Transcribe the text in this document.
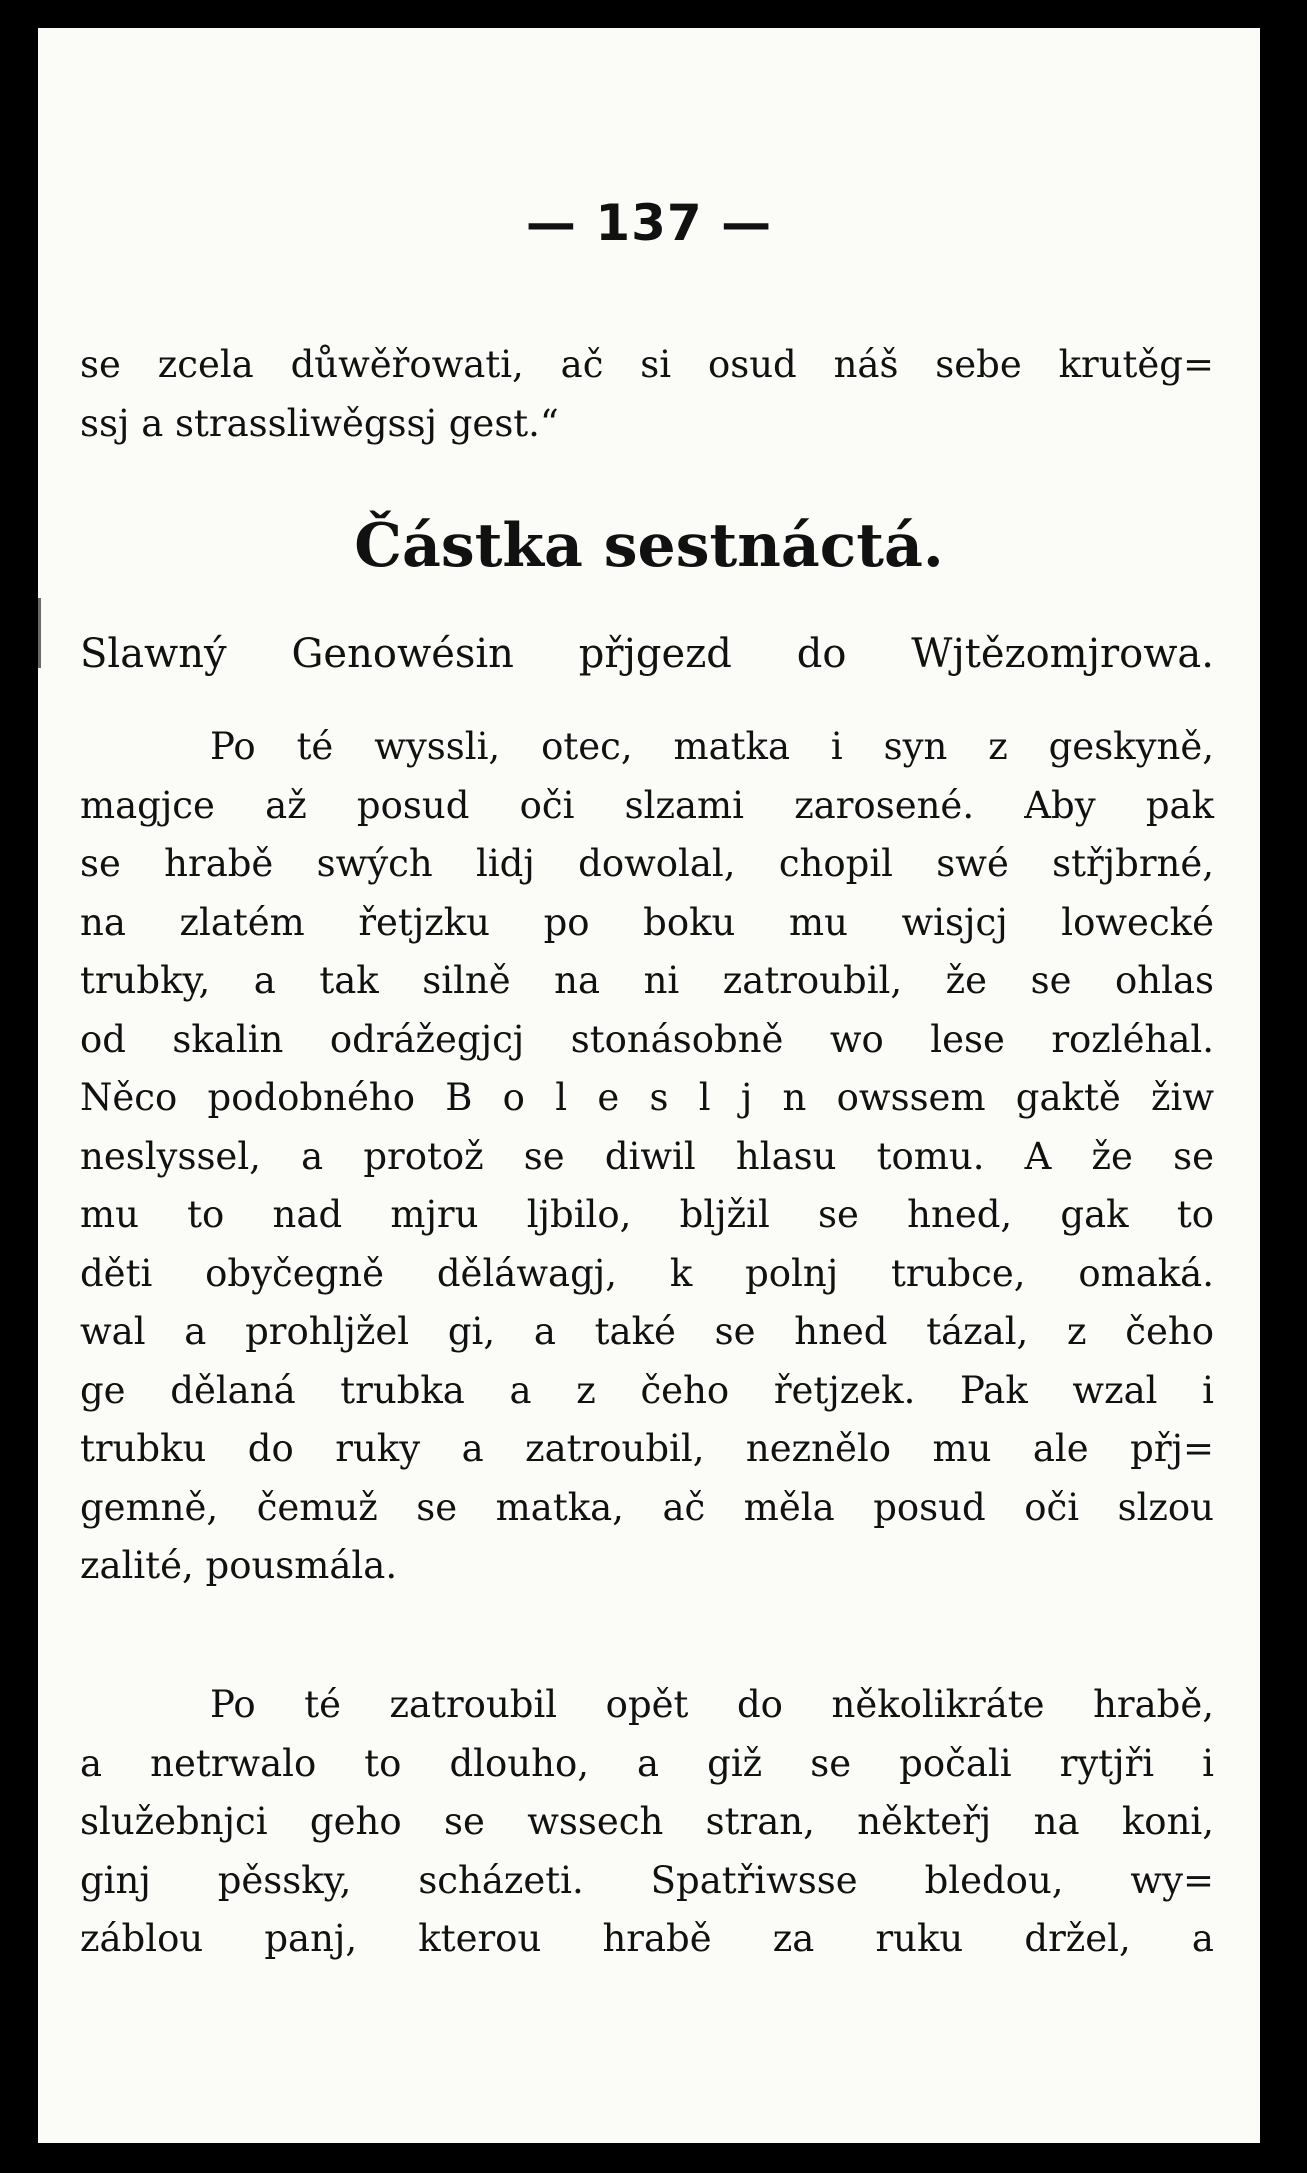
— 137 —

se zcela důwěřowati, ač si osud náš sebe krutěg=
ssj a strassliwěgssj gest.“

Částka sestnáctá.

Slawný Genowésin přjgezd do Wjtězomjrowa.

Po té wyssli, otec, matka i syn z geskyně,
magjce až posud oči slzami zarosené. Aby pak
se hrabě swých lidj dowolal, chopil swé střjbrné,
na zlatém řetjzku po boku mu wisjcj lowecké
trubky, a tak silně na ni zatroubil, že se ohlas
od skalin odrážegjcj stonásobně wo lese rozléhal.
Něco podobného B o l e s l j n owssem gaktě žiw
neslyssel, a protož se diwil hlasu tomu. A že se
mu to nad mjru ljbilo, bljžil se hned, gak to
děti obyčegně děláwagj, k polnj trubce, omaká.
wal a prohljžel gi, a také se hned tázal, z čeho
ge dělaná trubka a z čeho řetjzek. Pak wzal i
trubku do ruky a zatroubil, neznělo mu ale přj=
gemně, čemuž se matka, ač měla posud oči slzou
zalité, pousmála.

Po té zatroubil opět do několikráte hrabě,
a netrwalo to dlouho, a giž se počali rytjři i
služebnjci geho se wssech stran, někteřj na koni,
ginj pěssky, scházeti. Spatřiwsse bledou, wy=
záblou panj, kterou hrabě za ruku držel, a
